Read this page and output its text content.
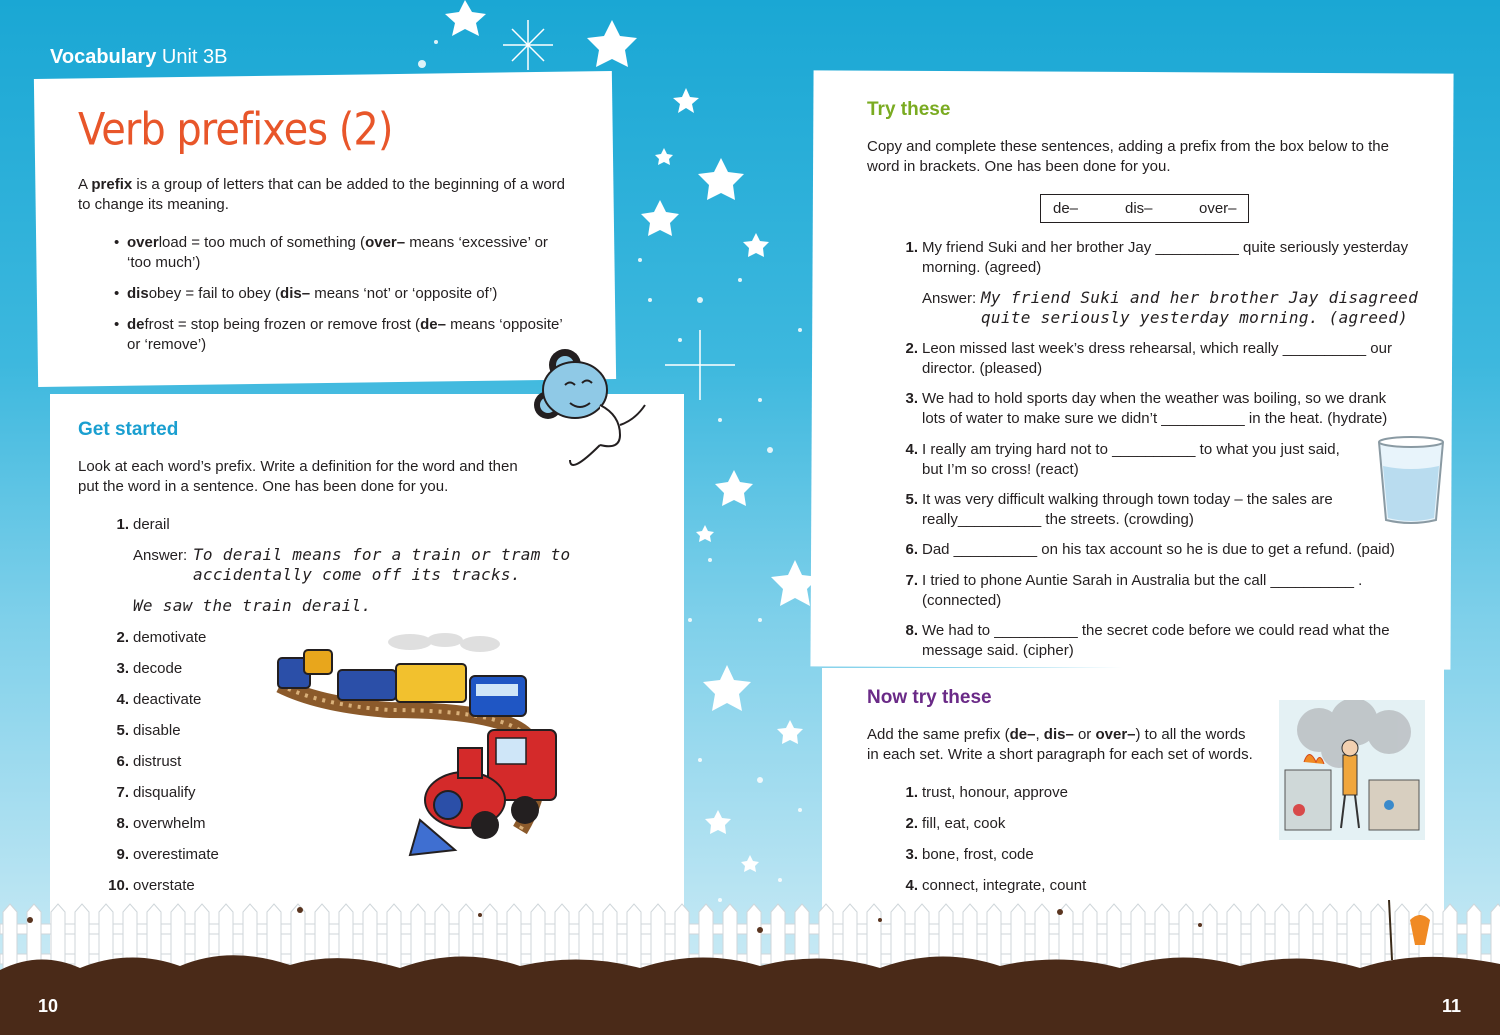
Vocabulary Unit 3B
Verb prefixes (2)
A prefix is a group of letters that can be added to the beginning of a word
to change its meaning.
• overload = too much of something (over– means ‘excessive’ or
‘too much’)
• disobey = fail to obey (dis– means ‘not’ or ‘opposite of’)
• defrost = stop being frozen or remove frost (de– means ‘opposite’
or ‘remove’)
Get started
Look at each word’s prefix. Write a definition for the word and then
put the word in a sentence. One has been done for you.
1. derail
Answer: To derail means for a train or tram to
accidentally come off its tracks.
We saw the train derail.
2. demotivate
3. decode
4. deactivate
5. disable
6. distrust
7. disqualify
8. overwhelm
9. overestimate
10. overstate
Try these
Copy and complete these sentences, adding a prefix from the box below to the
word in brackets. One has been done for you.
de–	dis–	over–
1. My friend Suki and her brother Jay __________ quite seriously yesterday
morning. (agreed)
Answer: My friend Suki and her brother Jay disagreed
quite seriously yesterday morning. (agreed)
2. Leon missed last week’s dress rehearsal, which really __________ our
director. (pleased)
3. We had to hold sports day when the weather was boiling, so we drank
lots of water to make sure we didn’t __________ in the heat. (hydrate)
4. I really am trying hard not to __________ to what you just said,
but I’m so cross! (react)
5. It was very difficult walking through town today – the sales are
really__________ the streets. (crowding)
6. Dad __________ on his tax account so he is due to get a refund. (paid)
7. I tried to phone Auntie Sarah in Australia but the call __________ .
(connected)
8. We had to __________ the secret code before we could read what the
message said. (cipher)
Now try these
Add the same prefix (de–, dis– or over–) to all the words
in each set. Write a short paragraph for each set of words.
1. trust, honour, approve
2. fill, eat, cook
3. bone, frost, code
4. connect, integrate, count
10	11
